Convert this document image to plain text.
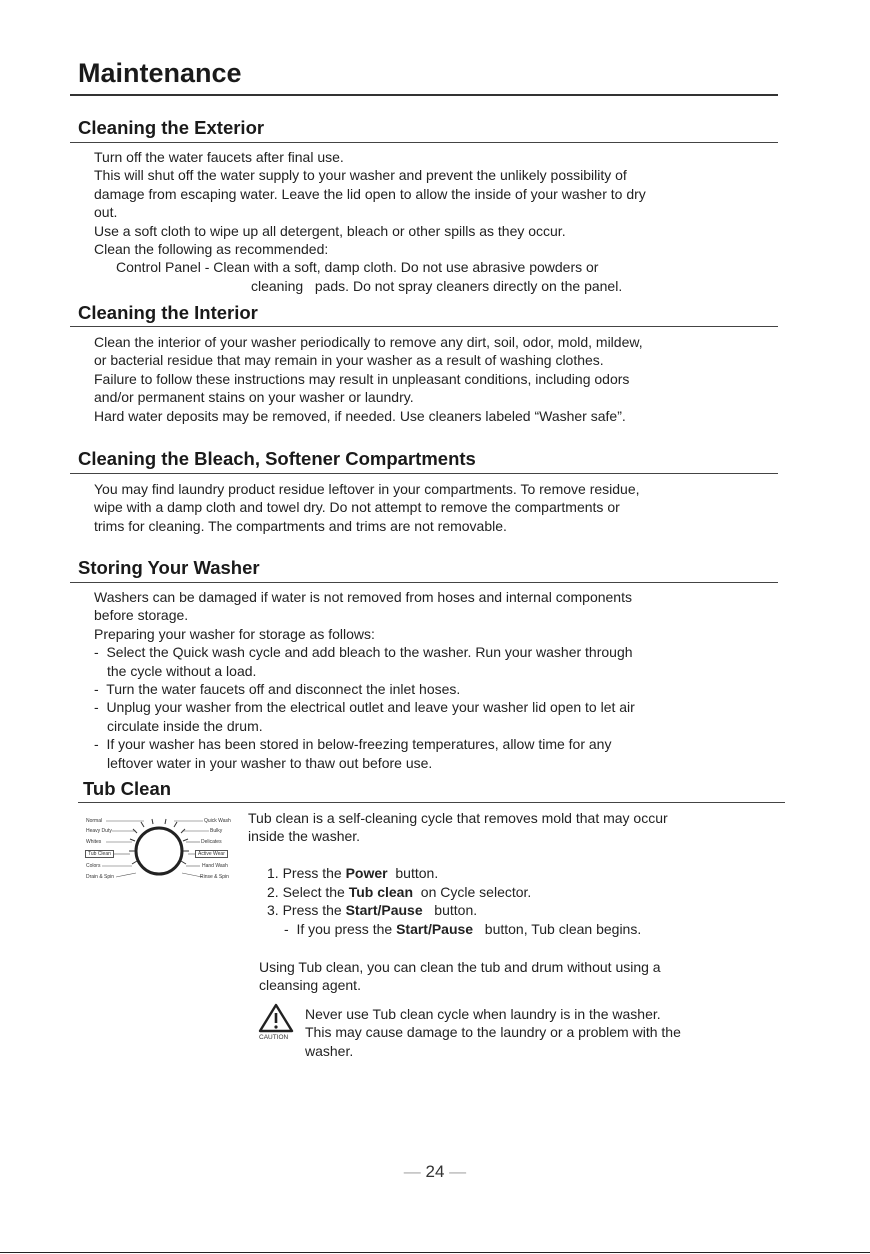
Maintenance
Cleaning the Exterior
Turn off the water faucets after final use.
This will shut off the water supply to your washer and prevent the unlikely possibility of
damage from escaping water. Leave the lid open to allow the inside of your washer to dry
out.
Use a soft cloth to wipe up all detergent, bleach or other spills as they occur.
Clean the following as recommended:
Control Panel - Clean with a soft, damp cloth. Do not use abrasive powders or
cleaning   pads. Do not spray cleaners directly on the panel.
Cleaning the Interior
Clean the interior of your washer periodically to remove any dirt, soil, odor, mold, mildew,
or bacterial residue that may remain in your washer as a result of washing clothes.
Failure to follow these instructions may result in unpleasant conditions, including odors
and/or permanent stains on your washer or laundry.
Hard water deposits may be removed, if needed. Use cleaners labeled “Washer safe”.
Cleaning the Bleach, Softener Compartments
You may find laundry product residue leftover in your compartments. To remove residue,
wipe with a damp cloth and towel dry. Do not attempt to remove the compartments or
trims for cleaning. The compartments and trims are not removable.
Storing Your Washer
Washers can be damaged if water is not removed from hoses and internal components
before storage.
Preparing your washer for storage as follows:
-  Select the Quick wash cycle and add bleach to the washer. Run your washer through
the cycle without a load.
-  Turn the water faucets off and disconnect the inlet hoses.
-  Unplug your washer from the electrical outlet and leave your washer lid open to let air
circulate inside the drum.
-  If your washer has been stored in below-freezing temperatures, allow time for any
leftover water in your washer to thaw out before use.
Tub Clean
Normal
Heavy Duty
Whites
Tub Clean
Colors
Drain & Spin
Quick Wash
Bulky
Delicates
Active Wear
Hand Wash
Rinse & Spin
Tub clean is a self-cleaning cycle that removes mold that may occur
inside the washer.
1. Press the Power  button.
2. Select the Tub clean  on Cycle selector.
3. Press the Start/Pause   button.
-  If you press the Start/Pause   button, Tub clean begins.
Using Tub clean, you can clean the tub and drum without using a
cleansing agent.
CAUTION
Never use Tub clean cycle when laundry is in the washer.
This may cause damage to the laundry or a problem with the
washer.
— 24 —
